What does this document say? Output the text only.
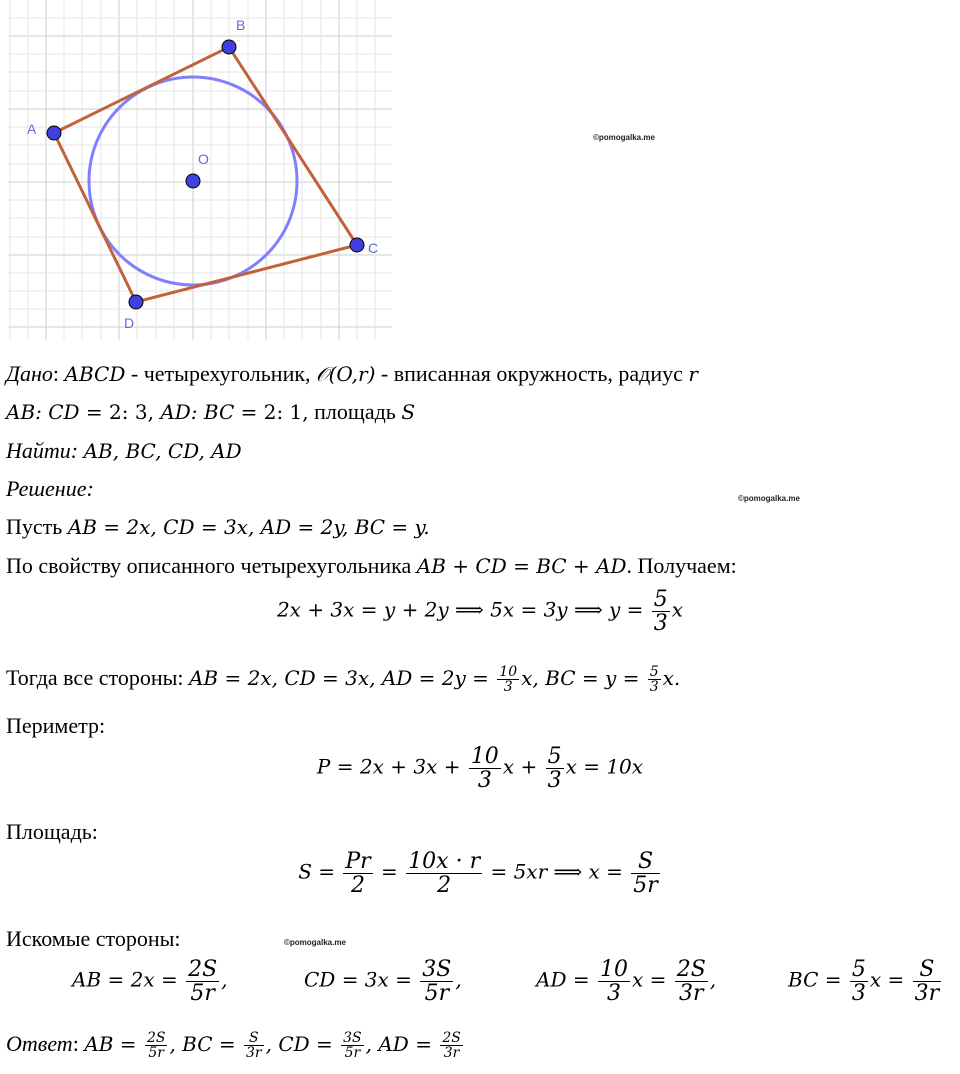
A
B
C
D
O
©pomogalka.me
©pomogalka.me
©pomogalka.me
Дано: ABCD - четырехугольник, 𝒪(O,r) - вписанная окружность, радиус r
AB: CD = 2: 3, AD: BC = 2: 1, площадь S
Найти: AB, BC, CD, AD
Решение:
Пусть AB = 2x, CD = 3x, AD = 2y, BC = y.
По свойству описанного четырехугольника AB + CD = BC + AD. Получаем:
2x + 3x = y + 2y ⟹ 5x = 3y ⟹ $y = \frac{5}{3}$ x
Тогда все стороны: AB = 2x, CD = 3x, AD = $2y = \frac{10}{3} x$, BC = $y = \frac{5}{3} x$.
Периметр:
$P = 2x + 3x + \frac{10}{3}$ $x + \frac{5}{3}$ x = 10x
Площадь:
$S = \frac{Pr}{2} = \frac{10x \cdot r}{2} = 5xr$ ⟹ $x = \frac{S}{5r}$
Искомые стороны:
AB = $2x = \frac{2S}{5r}$ ,	CD = $3x = \frac{3S}{5r}$ ,	AD = $\frac{10}{3}$ $x = \frac{2S}{3r}$ ,	BC = $\frac{5}{3}$ $x = \frac{S}{3r}$
Ответ: AB = $\frac{2S}{5r}$ , BC = $\frac{S}{3r}$ , CD = $\frac{3S}{5r}$ , AD = $\frac{2S}{3r}$
